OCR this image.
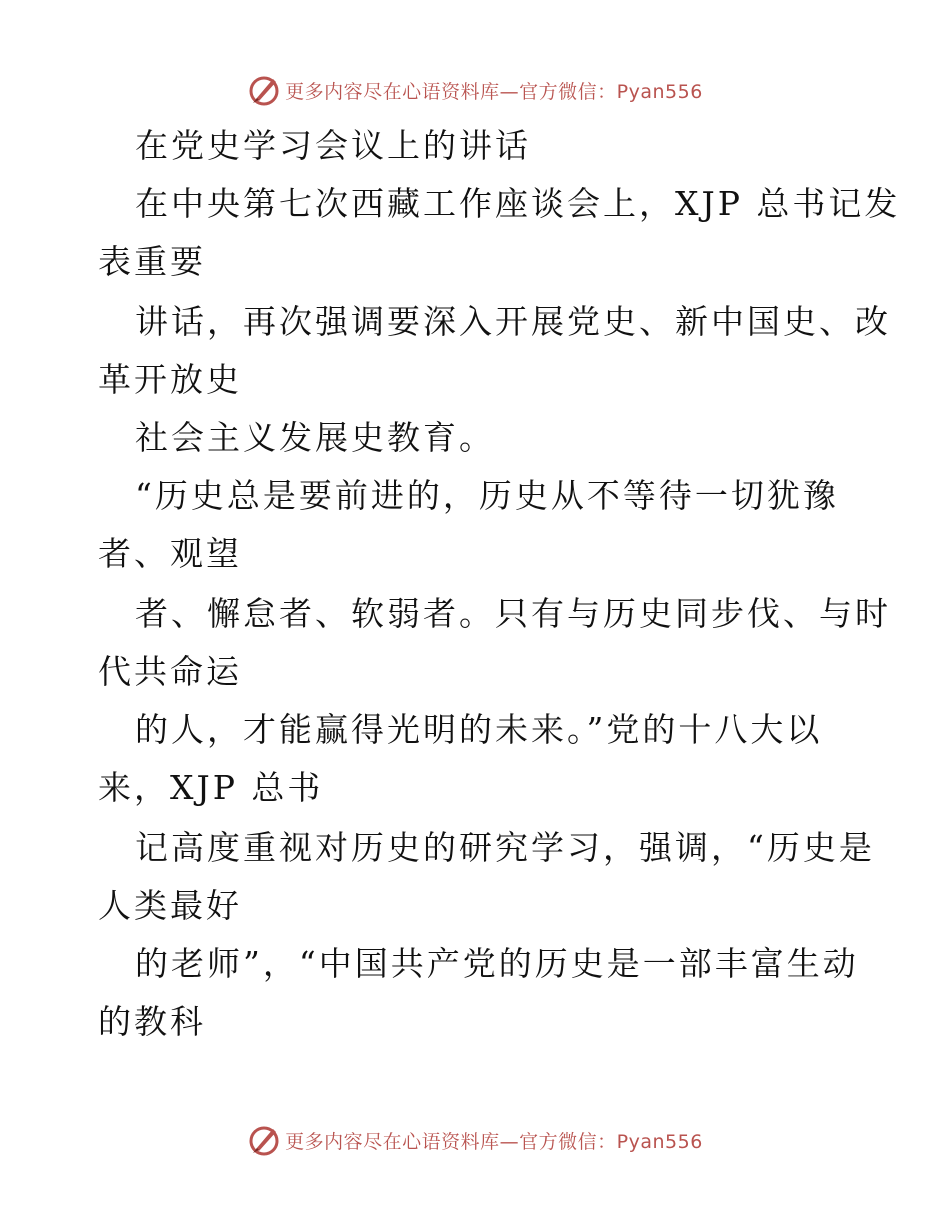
更多内容尽在心语资料库—官方微信：Pyan556
在党史学习会议上的讲话
在中央第七次西藏工作座谈会上，XJP 总书记发
表重要
讲话，再次强调要深入开展党史、新中国史、改
革开放史
社会主义发展史教育。
“历史总是要前进的，历史从不等待一切犹豫
者、观望
者、懈怠者、软弱者。只有与历史同步伐、与时
代共命运
的人，才能赢得光明的未来。”党的十八大以
来，XJP 总书
记高度重视对历史的研究学习，强调，“历史是
人类最好
的老师”，“中国共产党的历史是一部丰富生动
的教科
更多内容尽在心语资料库—官方微信：Pyan556
